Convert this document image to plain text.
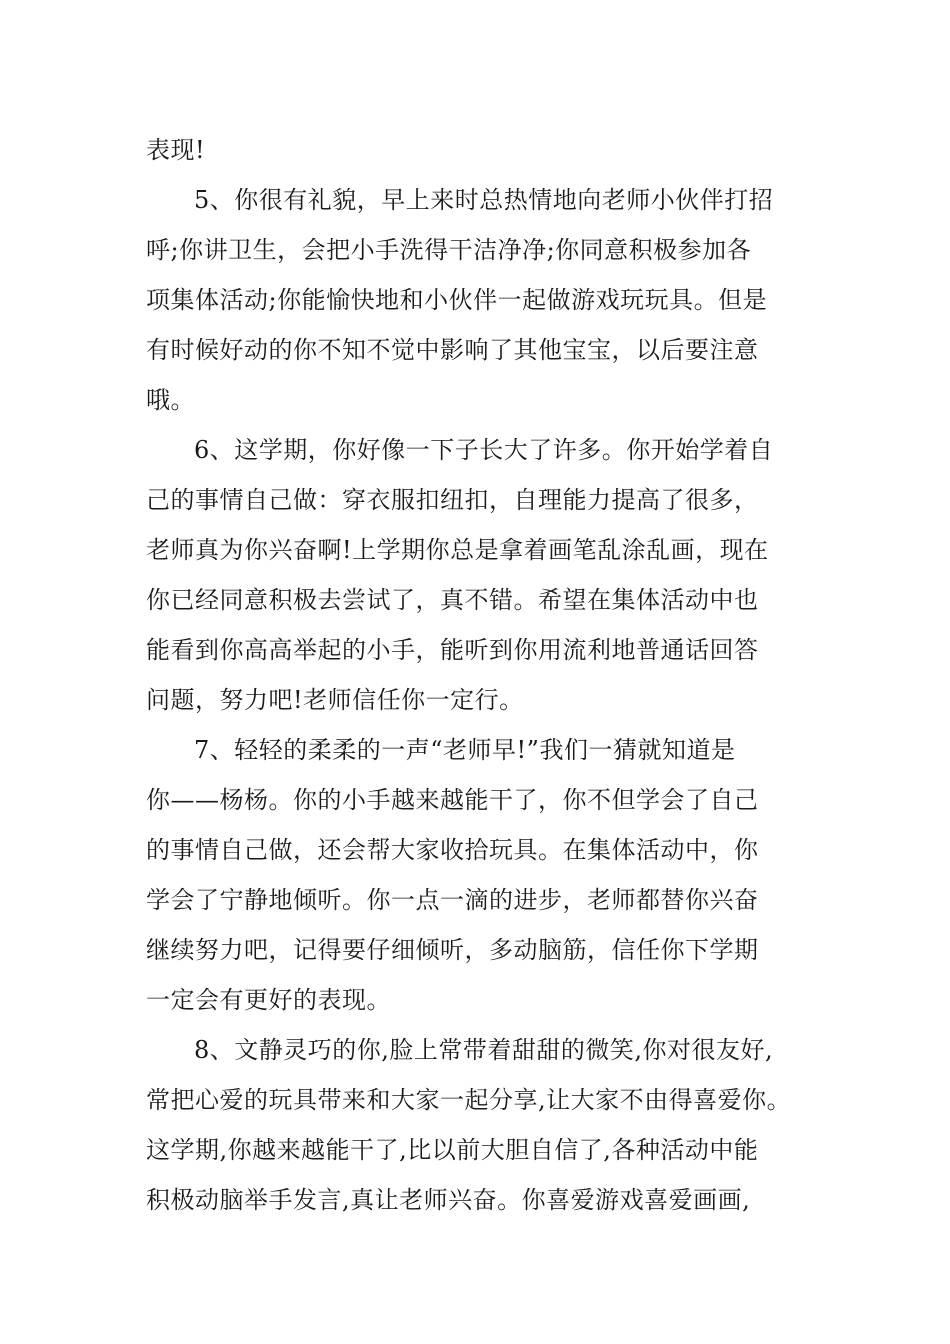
表现!
5、你很有礼貌，早上来时总热情地向老师小伙伴打招
呼;你讲卫生，会把小手洗得干洁净净;你同意积极参加各
项集体活动;你能愉快地和小伙伴一起做游戏玩玩具。但是
有时候好动的你不知不觉中影响了其他宝宝，以后要注意
哦。
6、这学期，你好像一下子长大了许多。你开始学着自
己的事情自己做：穿衣服扣纽扣，自理能力提高了很多，
老师真为你兴奋啊!上学期你总是拿着画笔乱涂乱画，现在
你已经同意积极去尝试了，真不错。希望在集体活动中也
能看到你高高举起的小手，能听到你用流利地普通话回答
问题，努力吧!老师信任你一定行。
7、轻轻的柔柔的一声“老师早!”我们一猜就知道是
你——杨杨。你的小手越来越能干了，你不但学会了自己
的事情自己做，还会帮大家收拾玩具。在集体活动中，你
学会了宁静地倾听。你一点一滴的进步，老师都替你兴奋
继续努力吧，记得要仔细倾听，多动脑筋，信任你下学期
一定会有更好的表现。
8、文静灵巧的你,脸上常带着甜甜的微笑,你对很友好,
常把心爱的玩具带来和大家一起分享,让大家不由得喜爱你。
这学期,你越来越能干了,比以前大胆自信了,各种活动中能
积极动脑举手发言,真让老师兴奋。你喜爱游戏喜爱画画,
